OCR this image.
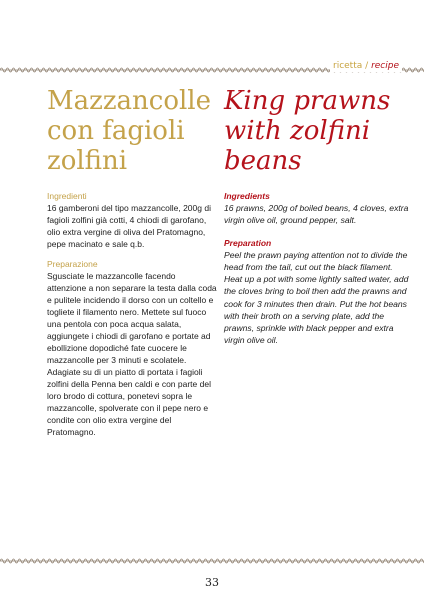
ricetta / recipe
Mazzancolle con fagioli zolfini
King prawns with zolfini beans

Ingredienti

16 gamberoni del tipo mazzancolle, 200g di fagioli zolfini già cotti, 4 chiodi di garofano, olio extra vergine di oliva del Pratomagno, pepe macinato e sale q.b.

Preparazione

Sgusciate le mazzancolle facendo attenzione a non separare la testa dalla coda e pulitele incidendo il dorso con un coltello e togliete il filamento nero. Mettete sul fuoco una pentola con poca acqua salata, aggiungete i chiodi di garofano e portate ad ebollizione dopodiché fate cuocere le mazzancolle per 3 minuti e scolatele. Adagiate su di un piatto di portata i fagioli zolfini della Penna ben caldi e con parte del loro brodo di cottura, ponetevi sopra le mazzancolle, spolverate con il pepe nero e condite con olio extra vergine del Pratomagno.

Ingredients

16 prawns, 200g of boiled beans, 4 cloves, extra virgin olive oil, ground pepper, salt.

Preparation

Peel the prawn paying attention not to divide the head from the tail, cut out the black filament. Heat up a pot with some lightly salted water, add the cloves bring to boil then add the prawns and cook for 3 minutes then drain. Put the hot beans with their broth on a serving plate, add the prawns, sprinkle with black pepper and extra virgin olive oil.

33
